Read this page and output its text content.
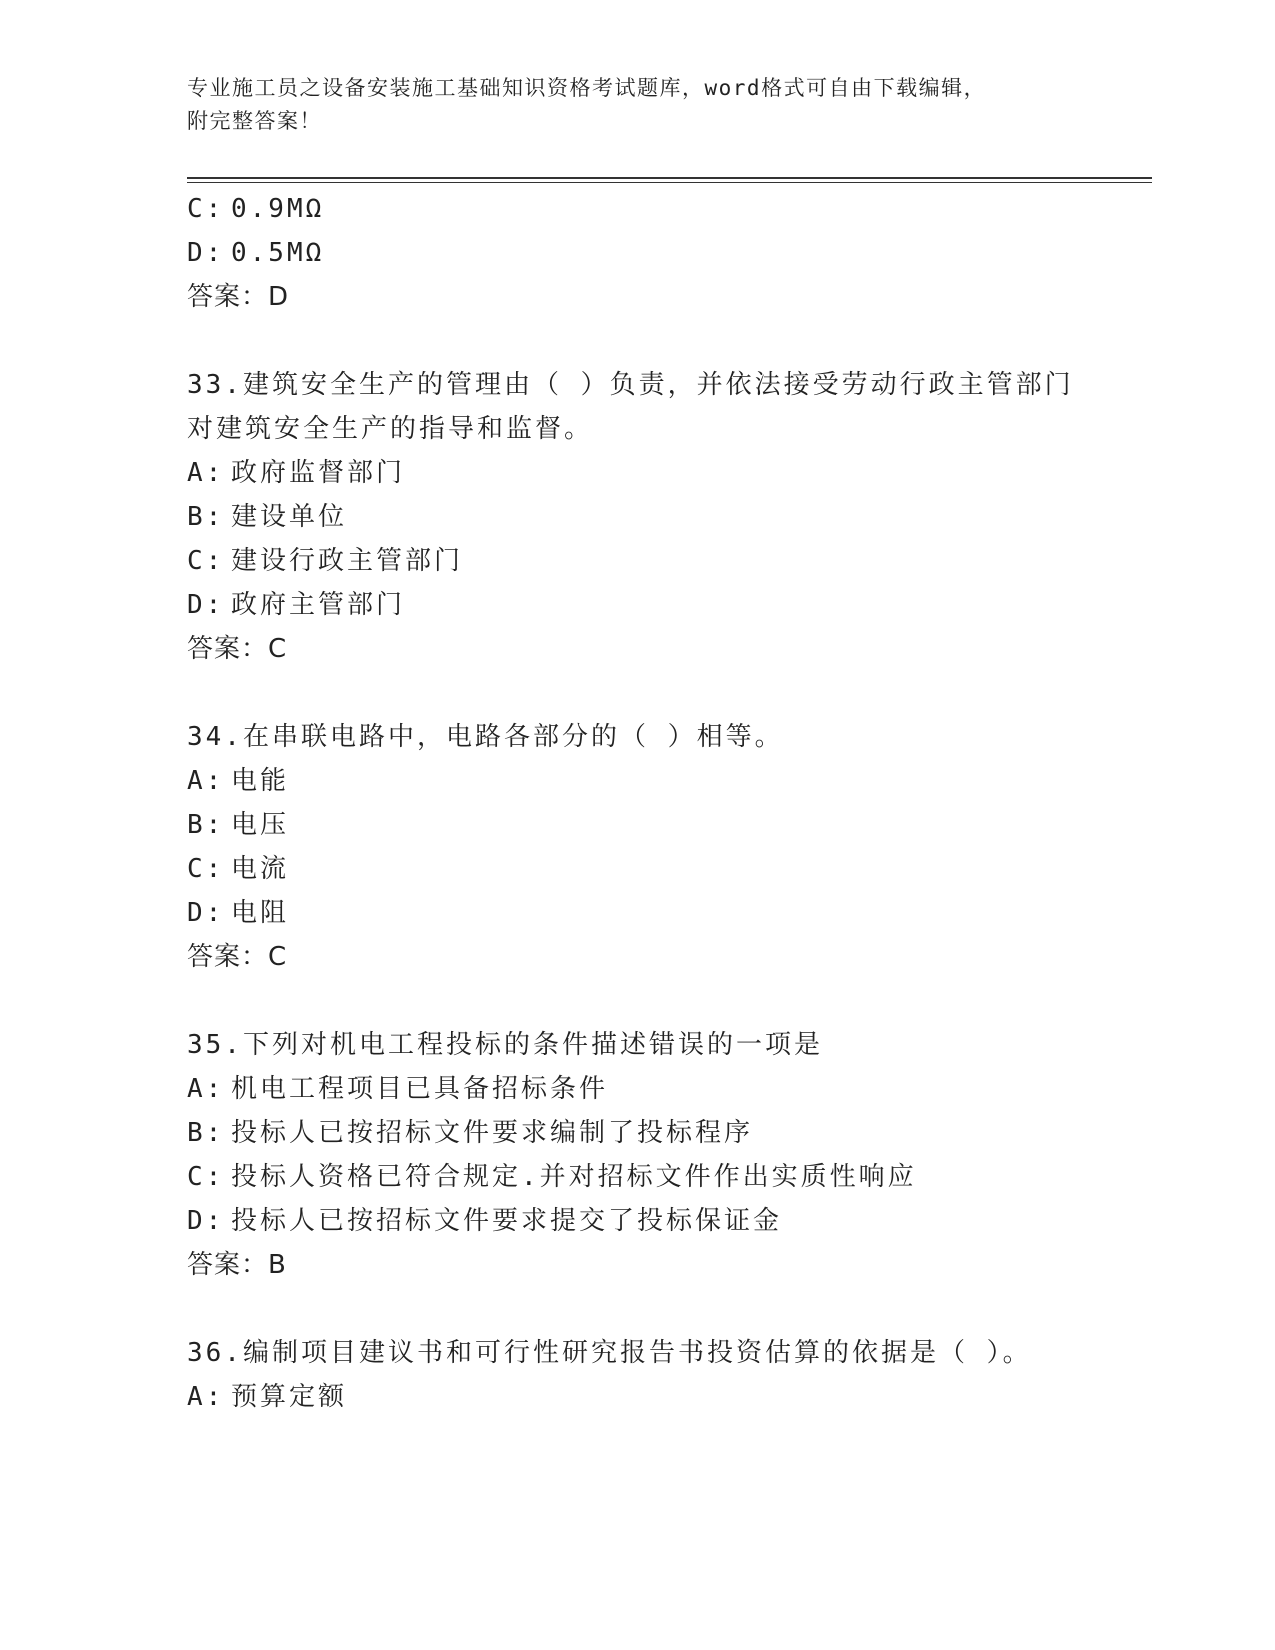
专业施工员之设备安装施工基础知识资格考试题库，word格式可自由下载编辑，
附完整答案！
C: 0.9MΩ
D: 0.5MΩ
答案：D
33.建筑安全生产的管理由（ ）负责，并依法接受劳动行政主管部门
对建筑安全生产的指导和监督。
A: 政府监督部门
B: 建设单位
C: 建设行政主管部门
D: 政府主管部门
答案：C
34.在串联电路中，电路各部分的（ ）相等。
A: 电能
B: 电压
C: 电流
D: 电阻
答案：C
35.下列对机电工程投标的条件描述错误的一项是
A: 机电工程项目已具备招标条件
B: 投标人已按招标文件要求编制了投标程序
C: 投标人资格已符合规定.并对招标文件作出实质性响应
D: 投标人已按招标文件要求提交了投标保证金
答案：B
36.编制项目建议书和可行性研究报告书投资估算的依据是（ ）。
A: 预算定额
